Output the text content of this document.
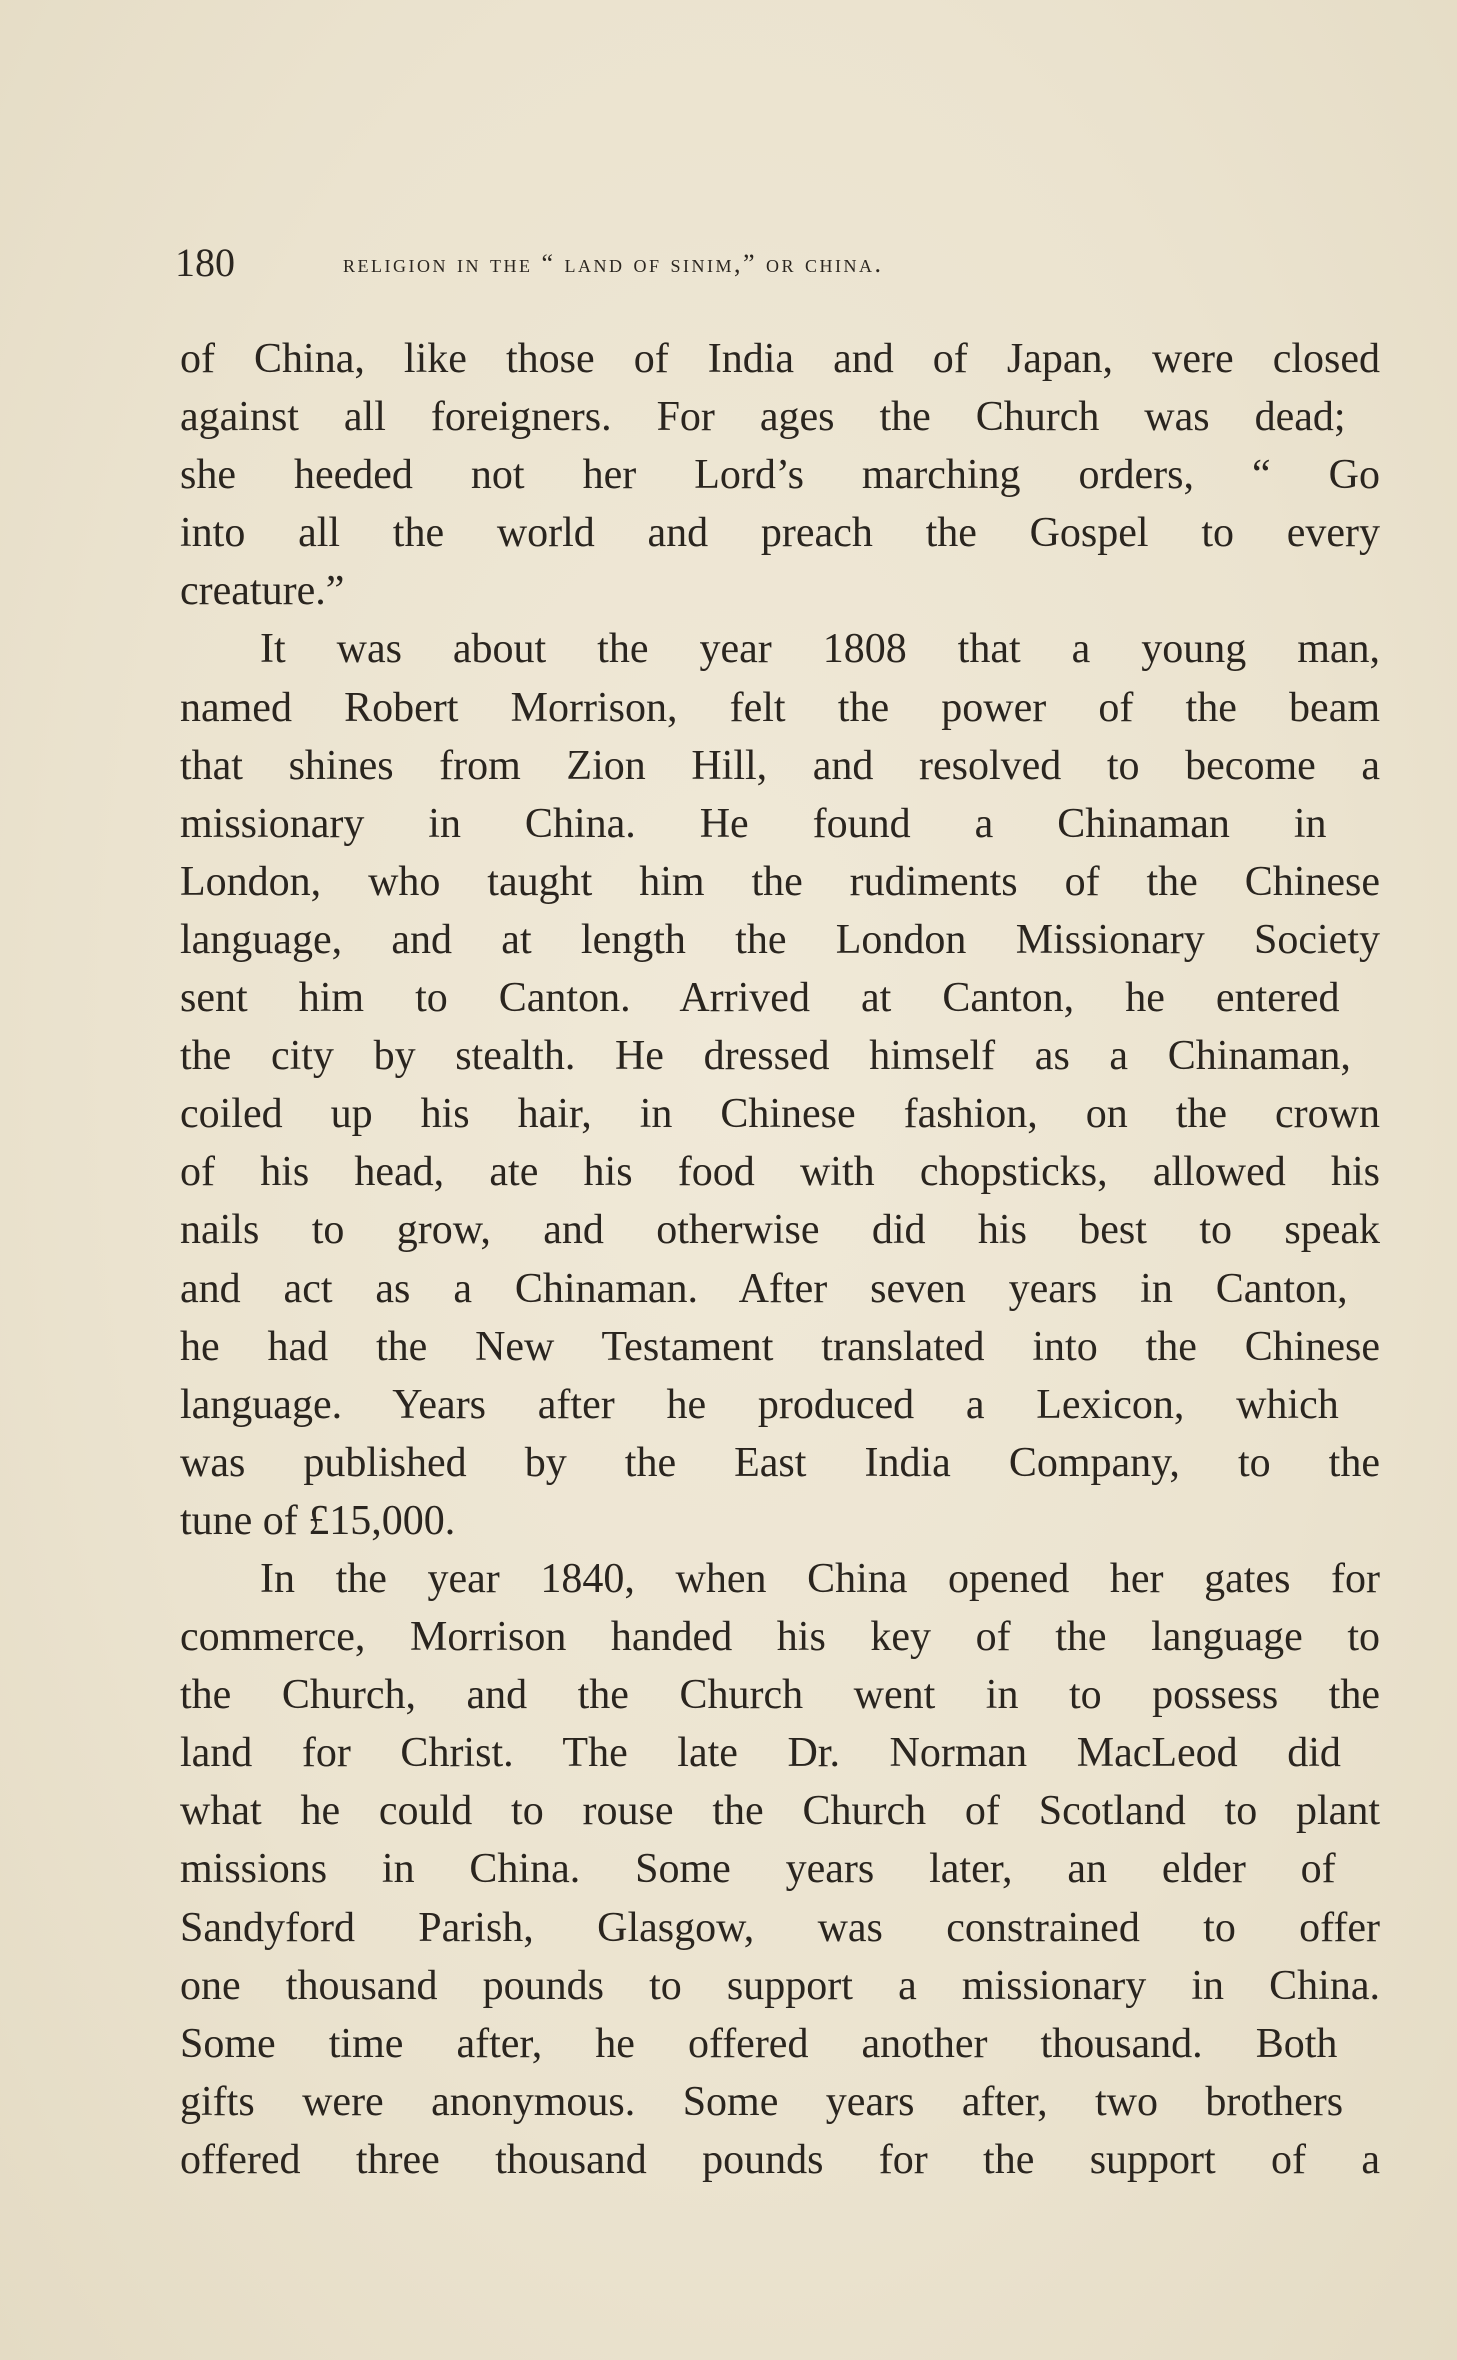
180	religion in the “ land of sinim,” or china.
of China, like those of India and of Japan, were closed
against all foreigners. For ages the Church was dead;
she heeded not her Lord’s marching orders, “ Go
into all the world and preach the Gospel to every
creature.”
It was about the year 1808 that a young man,
named Robert Morrison, felt the power of the beam
that shines from Zion Hill, and resolved to become a
missionary in China. He found a Chinaman in
London, who taught him the rudiments of the Chinese
language, and at length the London Missionary Society
sent him to Canton. Arrived at Canton, he entered
the city by stealth. He dressed himself as a Chinaman,
coiled up his hair, in Chinese fashion, on the crown
of his head, ate his food with chopsticks, allowed his
nails to grow, and otherwise did his best to speak
and act as a Chinaman. After seven years in Canton,
he had the New Testament translated into the Chinese
language. Years after he produced a Lexicon, which
was published by the East India Company, to the
tune of £15,000.
In the year 1840, when China opened her gates for
commerce, Morrison handed his key of the language to
the Church, and the Church went in to possess the
land for Christ. The late Dr. Norman MacLeod did
what he could to rouse the Church of Scotland to plant
missions in China. Some years later, an elder of
Sandyford Parish, Glasgow, was constrained to offer
one thousand pounds to support a missionary in China.
Some time after, he offered another thousand. Both
gifts were anonymous. Some years after, two brothers
offered three thousand pounds for the support of a
